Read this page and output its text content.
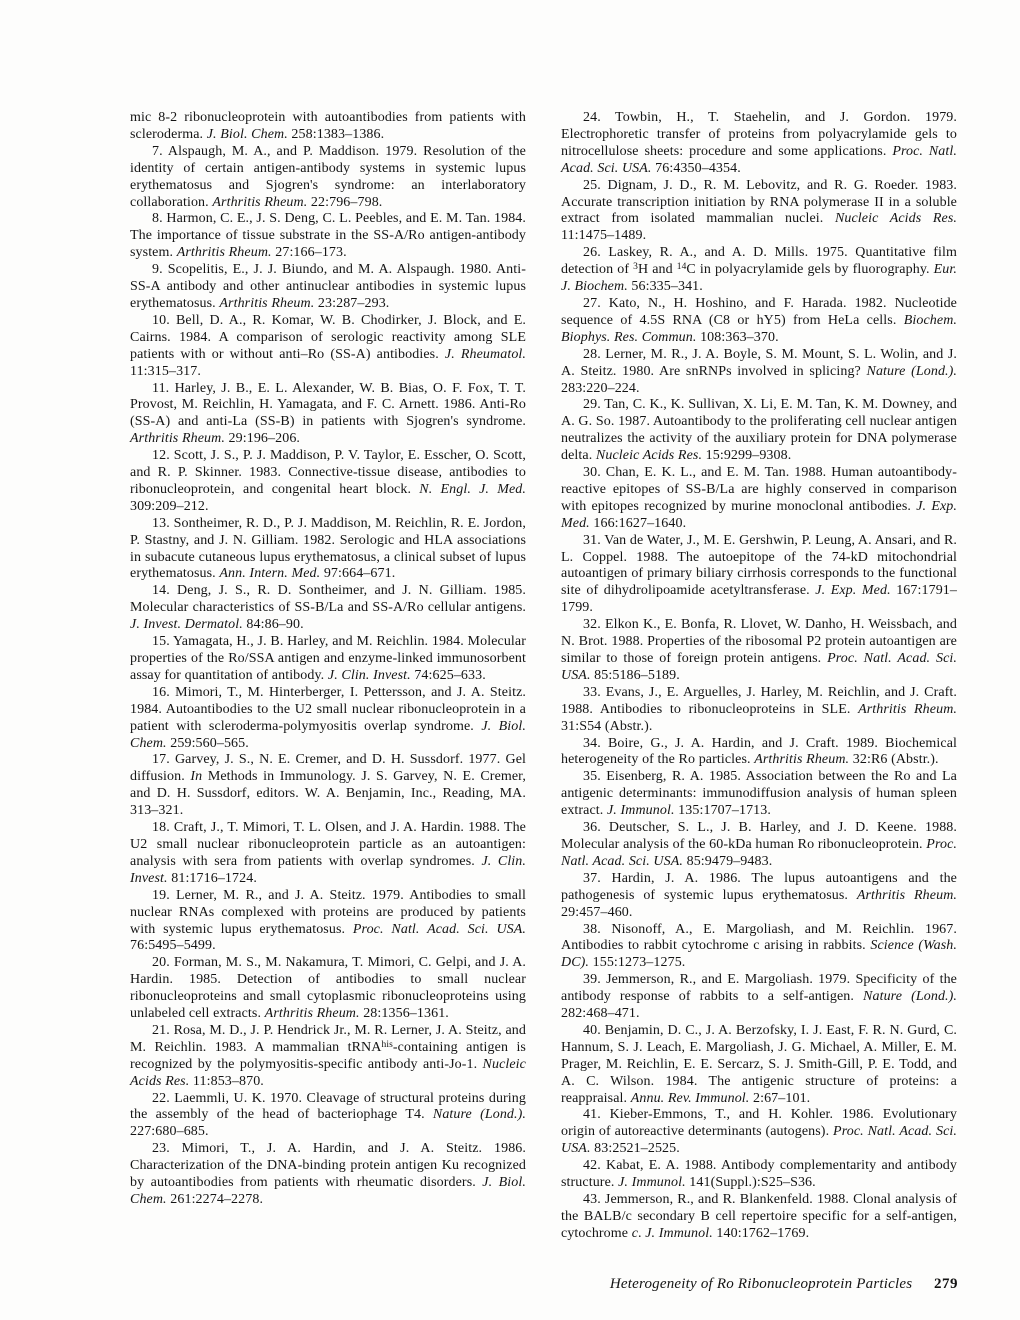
mic 8-2 ribonucleoprotein with autoantibodies from patients with scleroderma. J. Biol. Chem. 258:1383–1386.

7. Alspaugh, M. A., and P. Maddison. 1979. Resolution of the identity of certain antigen-antibody systems in systemic lupus erythematosus and Sjogren's syndrome: an interlaboratory collaboration. Arthritis Rheum. 22:796–798.

8. Harmon, C. E., J. S. Deng, C. L. Peebles, and E. M. Tan. 1984. The importance of tissue substrate in the SS-A/Ro antigen-antibody system. Arthritis Rheum. 27:166–173.

9. Scopelitis, E., J. J. Biundo, and M. A. Alspaugh. 1980. Anti-SS-A antibody and other antinuclear antibodies in systemic lupus erythematosus. Arthritis Rheum. 23:287–293.

10. Bell, D. A., R. Komar, W. B. Chodirker, J. Block, and E. Cairns. 1984. A comparison of serologic reactivity among SLE patients with or without anti–Ro (SS-A) antibodies. J. Rheumatol. 11:315–317.

11. Harley, J. B., E. L. Alexander, W. B. Bias, O. F. Fox, T. T. Provost, M. Reichlin, H. Yamagata, and F. C. Arnett. 1986. Anti-Ro (SS-A) and anti-La (SS-B) in patients with Sjogren's syndrome. Arthritis Rheum. 29:196–206.

12. Scott, J. S., P. J. Maddison, P. V. Taylor, E. Esscher, O. Scott, and R. P. Skinner. 1983. Connective-tissue disease, antibodies to ribonucleoprotein, and congenital heart block. N. Engl. J. Med. 309:209–212.

13. Sontheimer, R. D., P. J. Maddison, M. Reichlin, R. E. Jordon, P. Stastny, and J. N. Gilliam. 1982. Serologic and HLA associations in subacute cutaneous lupus erythematosus, a clinical subset of lupus erythematosus. Ann. Intern. Med. 97:664–671.

14. Deng, J. S., R. D. Sontheimer, and J. N. Gilliam. 1985. Molecular characteristics of SS-B/La and SS-A/Ro cellular antigens. J. Invest. Dermatol. 84:86–90.

15. Yamagata, H., J. B. Harley, and M. Reichlin. 1984. Molecular properties of the Ro/SSA antigen and enzyme-linked immunosorbent assay for quantitation of antibody. J. Clin. Invest. 74:625–633.

16. Mimori, T., M. Hinterberger, I. Pettersson, and J. A. Steitz. 1984. Autoantibodies to the U2 small nuclear ribonucleoprotein in a patient with scleroderma-polymyositis overlap syndrome. J. Biol. Chem. 259:560–565.

17. Garvey, J. S., N. E. Cremer, and D. H. Sussdorf. 1977. Gel diffusion. In Methods in Immunology. J. S. Garvey, N. E. Cremer, and D. H. Sussdorf, editors. W. A. Benjamin, Inc., Reading, MA. 313–321.

18. Craft, J., T. Mimori, T. L. Olsen, and J. A. Hardin. 1988. The U2 small nuclear ribonucleoprotein particle as an autoantigen: analysis with sera from patients with overlap syndromes. J. Clin. Invest. 81:1716–1724.

19. Lerner, M. R., and J. A. Steitz. 1979. Antibodies to small nuclear RNAs complexed with proteins are produced by patients with systemic lupus erythematosus. Proc. Natl. Acad. Sci. USA. 76:5495–5499.

20. Forman, M. S., M. Nakamura, T. Mimori, C. Gelpi, and J. A. Hardin. 1985. Detection of antibodies to small nuclear ribonucleoproteins and small cytoplasmic ribonucleoproteins using unlabeled cell extracts. Arthritis Rheum. 28:1356–1361.

21. Rosa, M. D., J. P. Hendrick Jr., M. R. Lerner, J. A. Steitz, and M. Reichlin. 1983. A mammalian tRNA$^{his}$-containing antigen is recognized by the polymyositis-specific antibody anti-Jo-1. Nucleic Acids Res. 11:853–870.

22. Laemmli, U. K. 1970. Cleavage of structural proteins during the assembly of the head of bacteriophage T4. Nature (Lond.). 227:680–685.

23. Mimori, T., J. A. Hardin, and J. A. Steitz. 1986. Characterization of the DNA-binding protein antigen Ku recognized by autoantibodies from patients with rheumatic disorders. J. Biol. Chem. 261:2274–2278.

24. Towbin, H., T. Staehelin, and J. Gordon. 1979. Electrophoretic transfer of proteins from polyacrylamide gels to nitrocellulose sheets: procedure and some applications. Proc. Natl. Acad. Sci. USA. 76:4350–4354.

25. Dignam, J. D., R. M. Lebovitz, and R. G. Roeder. 1983. Accurate transcription initiation by RNA polymerase II in a soluble extract from isolated mammalian nuclei. Nucleic Acids Res. 11:1475–1489.

26. Laskey, R. A., and A. D. Mills. 1975. Quantitative film detection of $^3$H and $^{14}$C in polyacrylamide gels by fluorography. Eur. J. Biochem. 56:335–341.

27. Kato, N., H. Hoshino, and F. Harada. 1982. Nucleotide sequence of 4.5S RNA (C8 or hY5) from HeLa cells. Biochem. Biophys. Res. Commun. 108:363–370.

28. Lerner, M. R., J. A. Boyle, S. M. Mount, S. L. Wolin, and J. A. Steitz. 1980. Are snRNPs involved in splicing? Nature (Lond.). 283:220–224.

29. Tan, C. K., K. Sullivan, X. Li, E. M. Tan, K. M. Downey, and A. G. So. 1987. Autoantibody to the proliferating cell nuclear antigen neutralizes the activity of the auxiliary protein for DNA polymerase delta. Nucleic Acids Res. 15:9299–9308.

30. Chan, E. K. L., and E. M. Tan. 1988. Human autoantibody-reactive epitopes of SS-B/La are highly conserved in comparison with epitopes recognized by murine monoclonal antibodies. J. Exp. Med. 166:1627–1640.

31. Van de Water, J., M. E. Gershwin, P. Leung, A. Ansari, and R. L. Coppel. 1988. The autoepitope of the 74-kD mitochondrial autoantigen of primary biliary cirrhosis corresponds to the functional site of dihydrolipoamide acetyltransferase. J. Exp. Med. 167:1791–1799.

32. Elkon K., E. Bonfa, R. Llovet, W. Danho, H. Weissbach, and N. Brot. 1988. Properties of the ribosomal P2 protein autoantigen are similar to those of foreign protein antigens. Proc. Natl. Acad. Sci. USA. 85:5186–5189.

33. Evans, J., E. Arguelles, J. Harley, M. Reichlin, and J. Craft. 1988. Antibodies to ribonucleoproteins in SLE. Arthritis Rheum. 31:S54 (Abstr.).

34. Boire, G., J. A. Hardin, and J. Craft. 1989. Biochemical heterogeneity of the Ro particles. Arthritis Rheum. 32:R6 (Abstr.).

35. Eisenberg, R. A. 1985. Association between the Ro and La antigenic determinants: immunodiffusion analysis of human spleen extract. J. Immunol. 135:1707–1713.

36. Deutscher, S. L., J. B. Harley, and J. D. Keene. 1988. Molecular analysis of the 60-kDa human Ro ribonucleoprotein. Proc. Natl. Acad. Sci. USA. 85:9479–9483.

37. Hardin, J. A. 1986. The lupus autoantigens and the pathogenesis of systemic lupus erythematosus. Arthritis Rheum. 29:457–460.

38. Nisonoff, A., E. Margoliash, and M. Reichlin. 1967. Antibodies to rabbit cytochrome c arising in rabbits. Science (Wash. DC). 155:1273–1275.

39. Jemmerson, R., and E. Margoliash. 1979. Specificity of the antibody response of rabbits to a self-antigen. Nature (Lond.). 282:468–471.

40. Benjamin, D. C., J. A. Berzofsky, I. J. East, F. R. N. Gurd, C. Hannum, S. J. Leach, E. Margoliash, J. G. Michael, A. Miller, E. M. Prager, M. Reichlin, E. E. Sercarz, S. J. Smith-Gill, P. E. Todd, and A. C. Wilson. 1984. The antigenic structure of proteins: a reappraisal. Annu. Rev. Immunol. 2:67–101.

41. Kieber-Emmons, T., and H. Kohler. 1986. Evolutionary origin of autoreactive determinants (autogens). Proc. Natl. Acad. Sci. USA. 83:2521–2525.

42. Kabat, E. A. 1988. Antibody complementarity and antibody structure. J. Immunol. 141(Suppl.):S25–S36.

43. Jemmerson, R., and R. Blankenfeld. 1988. Clonal analysis of the BALB/c secondary B cell repertoire specific for a self-antigen, cytochrome c. J. Immunol. 140:1762–1769.

Heterogeneity of Ro Ribonucleoprotein Particles 279
